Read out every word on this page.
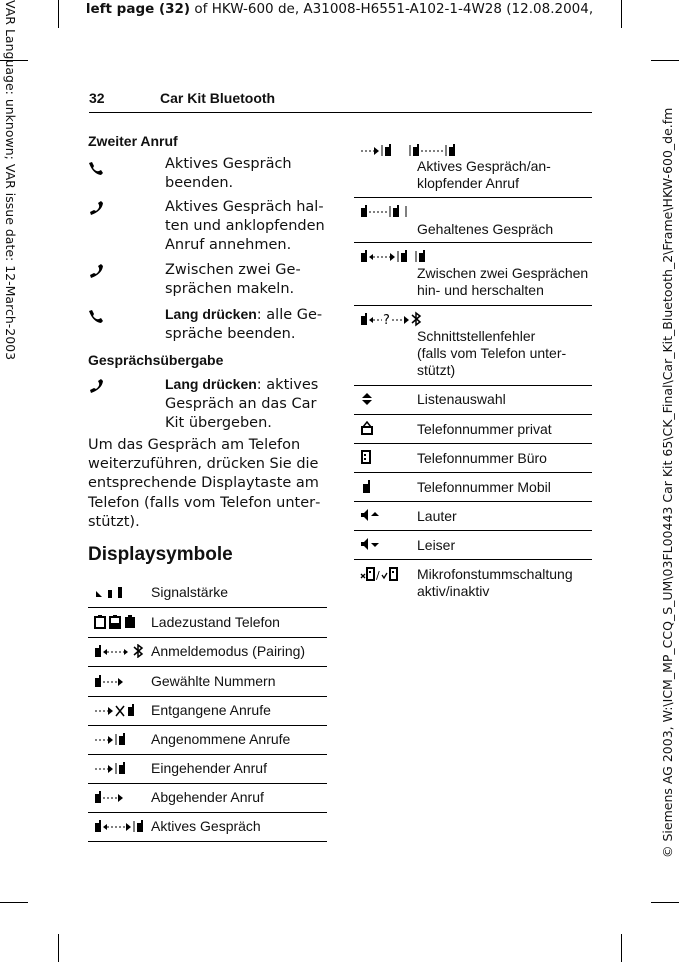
left page (32) of HKW-600 de, A31008-H6551-A102-1-4W28 (12.08.2004,
VAR Language: unknown; VAR issue date: 12-March-2003	© Siemens AG 2003, W:\ICM_MP_CCQ_S_UM\03FL00443 Car Kit 65\CK_Final\Car_Kit_Bluetooth_2\Frame\HKW-600_de.fm
32	Car Kit Bluetooth
Zweiter Anruf
Aktives Gespräch beenden.
Aktives Gespräch halten und anklopfenden Anruf annehmen.
Zwischen zwei Gesprächen makeln.
Lang drücken: alle Gespräche beenden.
Gesprächsübergabe
Lang drücken: aktives Gespräch an das Car Kit übergeben.
Um das Gespräch am Telefon weiterzuführen, drücken Sie die entsprechende Displaytaste am Telefon (falls vom Telefon unterstützt).
Displaysymbole
Signalstärke
Ladezustand Telefon
Anmeldemodus (Pairing)
Gewählte Nummern
Entgangene Anrufe
Angenommene Anrufe
Eingehender Anruf
Abgehender Anruf
Aktives Gespräch
Aktives Gespräch/anklopfender Anruf
Gehaltenes Gespräch
Zwischen zwei Gesprächen hin- und herschalten
?
Schnittstellenfehler
(falls vom Telefon unterstützt)
Listenauswahl
Telefonnummer privat
Telefonnummer Büro
Telefonnummer Mobil
Lauter
Leiser
/	Mikrofonstummschaltung aktiv/inaktiv
